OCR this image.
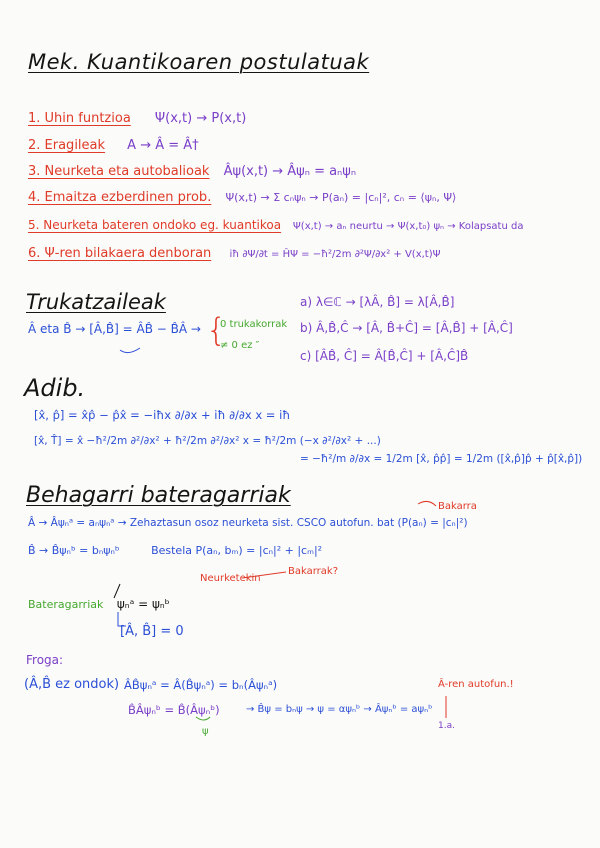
Mek. Kuantikoaren postulatuak
1. Uhin funtzioa Ψ(x,t) → P(x,t)
2. Eragileak A → Â = Â†
3. Neurketa eta autobalioak Âψ(x,t) → Âψₙ = aₙψₙ
4. Emaitza ezberdinen prob. Ψ(x,t) → Σ cₙψₙ → P(aₙ) = |cₙ|², cₙ = ⟨ψₙ, Ψ⟩
5. Neurketa bateren ondoko eg. kuantikoa Ψ(x,t) → aₙ neurtu → Ψ(x,t₀) ψₙ → Kolapsatu da
6. Ψ-ren bilakaera denboran iħ ∂Ψ/∂t = ĤΨ = −ħ²/2m ∂²Ψ/∂x² + V(x,t)Ψ
Trukatzaileak
Â eta B̂ → [Â,B̂] = ÂB̂ − B̂Â → {
0 trukakorrak
≠ 0 ez ″
a) λ∈ℂ → [λÂ, B̂] = λ[Â,B̂]
b) Â,B̂,Ĉ → [Â, B̂+Ĉ] = [Â,B̂] + [Â,Ĉ]
c) [ÂB̂, Ĉ] = Â[B̂,Ĉ] + [Â,Ĉ]B̂
Adib.
[x̂, p̂] = x̂p̂ − p̂x̂ = −iħx ∂/∂x + iħ ∂/∂x x = iħ
[x̂, T̂] = x̂ −ħ²/2m ∂²/∂x² + ħ²/2m ∂²/∂x² x = ħ²/2m (−x ∂²/∂x² + ...)
= −ħ²/m ∂/∂x = 1/2m [x̂, p̂p̂] = 1/2m ([x̂,p̂]p̂ + p̂[x̂,p̂])
Behagarri bateragarriak	Bakarra
Â → Âψₙᵃ = aₙψₙᵃ → Zehaztasun osoz neurketa sist. CSCO autofun. bat (P(aₙ) = |cₙ|²)
B̂ → B̂ψₙᵇ = bₙψₙᵇ	Bestela P(aₙ, bₘ) = |cₙ|² + |cₘ|²
Neurketekin
Bakarrak?
Bateragarriak ψₙᵃ = ψₙᵇ
[Â, B̂] = 0
Froga:
(Â,B̂ ez ondok) ÂB̂ψₙᵃ = Â(B̂ψₙᵃ) = bₙ(Âψₙᵃ)	Â-ren autofun.!
B̂Âψₙᵇ = B̂(Âψₙᵇ)	→ B̂ψ = bₙψ → ψ = αψₙᵇ → Âψₙᵇ = aψₙᵇ
ψ	1.a.
